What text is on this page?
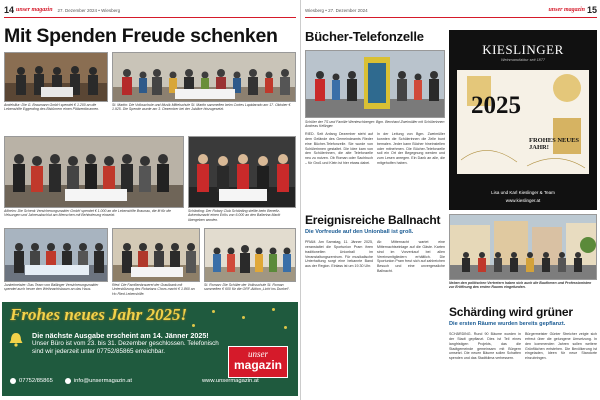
14 unser magazin 27. Dezember 2024 • Wiesberg
Mit Spenden Freude schenken
Andelsflur: Die G. Braumann GmbH spendet € 1.200 an die Lebenshilfe Eggerding des Bistümern einen Plätzentbrunnen.
St. Martin: Die Volksschule und Musik Mittelschule St. Martin sammelten beim Cortes Lapidarodo am 17. Oktober € 1.925. Die Spende wurde am 3. Dezember bei der Jubiäre hinzugesetzt.
Altheim: Die Schenk Versicherungsmakler GmbH spendet € 1.000 an die Lebenshilfe Braunau, die fit für die Velsungen und Jahresabschlut am Menschen mit Behinderung einsetzt.
Schärding: Der Rotary Club Schärding stellte beim Benefiz-Adventsmarkt einen Erlös von 6.000 an den Ballerina Markt übergeben worden.
Junkelmeister: Das Team von Ballinger Versicherungsmakler spendet auch heuer den Weihnachtsbaum an das Haus.
Ried: Die Familienbrauerei der Graulbank mit Unterstützung des Rotarians Chors macht € 1.860 an Ho Ried Lebenshilfe.
St. Roman: Die Schüler der Volksschule St. Roman sammelten € 600 für die ORF-Aktion „Licht ins Dunkel“.
Frohes neues Jahr 2025!
Die nächste Ausgabe erscheint am 14. Jänner 2025!
Unser Büro ist vom 23. bis 31. Dezember geschlossen. Telefonisch
sind wir jederzeit unter 07752/85865 erreichbar.	unser
magazin
07752/85865	info@unsermagazin.at	www.unsermagazin.at
Wiesberg • 27. Dezember 2024	unser magazin 15
Bücher-Telefonzelle
Schüler der TS und Familie Wenteschberger: Bgm. Bernhard Zweimüller mit Schülerinnen Andreas Kellinger.
RIED. Seit Anfang Dezember steht auf dem Gelände des Gemeindeamts Rieder eine Bücher-Telefonzelle. Sie wurde von Schülerinnen gestaltet. Die Idee kam von den Schülerinnen, die alte Telefonzelle neu zu nutzen. Ob Roman oder Sachbuch – für Groß und Klein ist hier etwas dabei.
In der Leitung von Bgm. Zweimüller konnten die Schülerinnen die Zelle bunt bemalen. Jeder kann Bücher hineinstellen oder mitnehmen. Die Bücher-Telefonzelle soll ein Ort der Begegnung werden und zum Lesen anregen. Ein Dank an alle, die mitgeholfen haben.
KIESLINGER
Weinmanufaktur seit 1877
2025
FROHES NEUES JAHR!
Lisa und Karl Kieslinger & Team
www.kieslinger.at
Ereignisreiche Ballnacht
Die Vorfreude auf den Unionball ist groß.
PRAM. Am Samstag, 11. Jänner 2025, veranstaltet die Sportunion Pram ihren traditionellen Unionball im Veranstaltungszentrum. Für musikalische Unterhaltung sorgt eine bekannte Band aus der Region. Einlass ist um 19.30 Uhr.
Ab Mitternacht wartet eine Mitternachtseinlage auf die Gäste. Karten sind im Vorverkauf bei allen Vereinsmitgliedern erhältlich. Die Sportunion Pram freut sich auf zahlreichen Besuch und eine unvergessliche Ballnacht.
Neben den politischen Vertretern haben sich auch die Baufirmen und Professionisten zur Eröffnung des ersten Raums eingefunden.
Schärding wird grüner
Die ersten Räume wurden bereits gepflanzt.
SCHÄRDING. Rund 90 Bäume wurden in der Stadt gepflanzt. Dies ist Teil eines langfristigen Projekts, das die Stadtgemeinde gemeinsam mit Bürgern umsetzt. Die neuen Bäume sollen Schatten spenden und das Stadtklima verbessern.
Bürgermeister Günter Streicher zeigte sich erfreut über die gelungene Umsetzung. In den kommenden Jahren sollen weitere Grünflächen entstehen. Die Bevölkerung ist eingeladen, Ideen für neue Standorte einzubringen.
